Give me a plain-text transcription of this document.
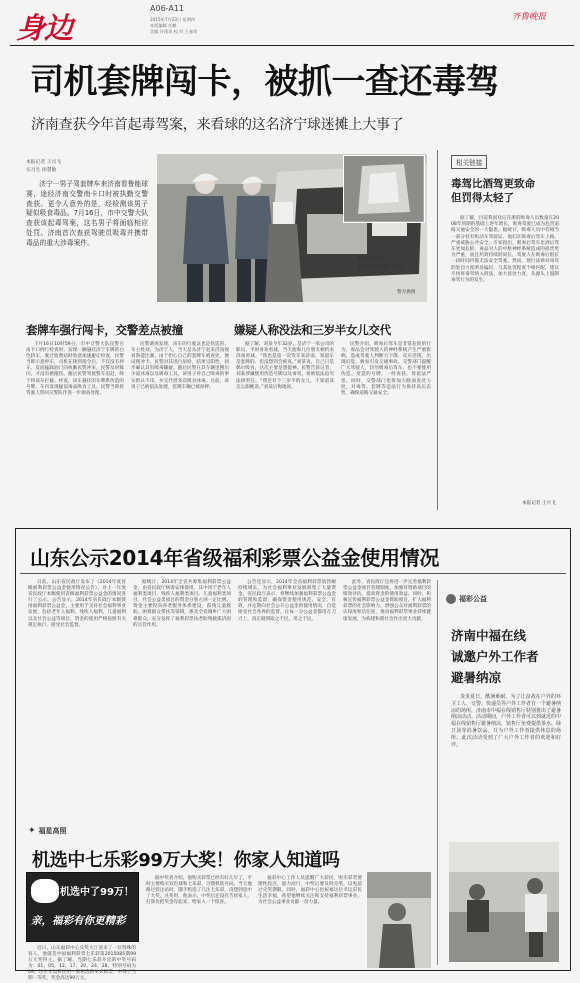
身边
A06-A11
2015年7月23日 星期四
本版编辑 任鹏
美编 许蓬英 校 对 王春荣
齐鲁晚报
司机套牌闯卡，被抓一查还毒驾
济南查获今年首起毒驾案，来看球的这名济宁球迷摊上大事了
本报记者 王兴飞
实习生 徐慧敏
济宁一男子驾套牌车来济南看鲁能球赛，途经济南交警南卡口时被执勤交警查获。更令人意外的是，经检测该男子疑似吸食毒品。7月16日，市中交警大队查获该起毒驾案，这名男子将面临相应处罚。济南首次查获驾驶员吸毒并携带毒品的重大涉毒案件。
▲查获的毒品。
◀民警揭穿嫌疑人搭肩。
警方供图
套牌车强行闯卡，交警差点被撞	嫌疑人称没法和三岁半女儿交代

7月16日10时59分，市中交警大队民警在南卡口例行检查时，发现一辆悬挂济宁车牌的白色轿车，驶过收费站时故意加速避让检查，民警当即示意停车，司机在接到指令后，不仅没有停车，反而猛踩油门向执勤民警冲来，民警及时躲闪，才没有被撞伤。随后民警驾驶警车追赶，终于将该车拦截。经查，该车悬挂的车牌系伪造的号牌，车内发现疑似毒品吸食工具。民警当即将驾驶人带回交警队作进一步调查处理。

民警调查发现，该车的行驶证也是伪造的，车主姓刘，为济宁人，当天是从济宁赶来济南观看鲁能比赛。由于担心自己的套牌车被查处，便试图冲卡。民警对其进行尿检，结果呈阳性，初步确认其有吸毒嫌疑。随后民警在其车辆里搜出少量冰毒以及吸毒工具，该男子对自己吸毒的事实供认不讳，并交代曾多次吸食冰毒。目前，该男子已被依法处理，套牌车辆已被扣押。

据了解，刘某今年32岁，是济宁一家公司的职员，平时喜欢看球，当天他和几位朋友相约来济南看球。“我也是第一次驾车来济南，知道车是套牌的，但没想到会被查。”刘某说，自己只是偶尔吸食，这次主要是想提神。民警告诉记者，刘某涉嫌使用伪造号牌以及毒驾，将被依法追究法律责任。“我还有个三岁半的女儿，不知道该怎么跟她说。”刘某后悔地说。

民警介绍，吸毒后驾车是非常危险的行为，毒品会对驾驶人的神经系统产生严重影响，造成驾驶人判断力下降、反应迟钝、出现幻觉，极易引发交通事故。交警部门提醒广大驾驶人，切勿吸毒后驾车，也不要使用伪造、变造的号牌，一经查获，将依法严惩。同时，交警部门也将加大路面查处力度，对毒驾、套牌等违法行为保持高压态势，确保道路交通安全。

相关链接
毒驾比酒驾更致命
但罚得太轻了

据了解，目前我国登记在册的吸毒人员数量在2008年到期的基础上逐年增长，吸毒驾驶已成为危害道路交通安全的一大隐患。据统计，吸毒人员中有相当一部分持有机动车驾驶证，他们在吸毒后驾车上路，严重威胁公共安全。专家指出，吸毒后驾车比酒后驾车更加危险，毒品对人的中枢神经系统造成的损害更为严重，而且药效持续时间长，驾驶人在吸毒后很长一段时间内都无法安全驾驶。然而，现行法律对毒驾的处罚力度明显偏轻，与其危害程度不相匹配，建议尽快将毒驾纳入刑法，加大惩处力度，从源头上遏制毒驾行为的发生。

本报记者 王兴飞
山东公示2014年省级福利彩票公益金使用情况

日前，山东省民政厅发布了《2014年度省级福利彩票公益金使用情况公告》，对上一年度省民政厅本级使用省级福利彩票公益金的情况进行了公示。公告显示，2014年省民政厅本级使用福利彩票公益金，主要用于支持社会福利事业发展，包括老年人福利、残疾人福利、儿童福利以及社会公益等项目，资金的使用严格按照有关规定执行，接受社会监督。

据统计，2014年全省共筹集福利彩票公益金，由省民政厅统筹安排使用，其中用于老年人福利类项目、残疾人福利类项目、儿童福利类项目、社会公益类项目的资金分别占到一定比例。资金主要投向养老服务体系建设、孤残儿童救助、困难群众帮扶等领域，惠及全省城乡广大困难群众，充分发挥了福利彩票扶老助残救孤济困的宗旨作用。

公告还显示，2014年全省福利彩票销售额持续增长，为社会福利事业发展筹集了大量资金。省民政厅表示，将继续加强福利彩票公益金的管理和监督，确保资金使用规范、安全、有效，并定期向社会公开公益金的使用情况，自觉接受社会各界的监督，让每一分公益金都用在刀刃上，真正做到取之于民，用之于民。

此外，省民政厅还将进一步完善福利彩票公益金项目管理制度，加强对资助项目的绩效评估，提高资金的使用效益。同时，积极宣传福利彩票公益金资助项目，扩大福利彩票的社会影响力，增强公众对福利彩票的认知度和信任度，推动福利彩票事业持续健康发展，为构建和谐社会作出更大贡献。

福彩公益
济南中福在线
诚邀户外工作者
避暑纳凉

炎炎夏日，酷暑难耐。为了让奋战在户外的环卫工人、交警、快递员等户外工作者有一个避暑纳凉的场所，济南市中福在线销售厅特别推出了避暑纳凉活动。活动期间，户外工作者可以到就近的中福在线销售厅避暑纳凉，销售厅免费提供茶水、绿豆汤等消暑饮品，并为户外工作者提供休息的场所。此次活动受到了广大户外工作者的欢迎和好评。

✦ 福星高照
机选中七乐彩99万大奖！你家人知道吗
机选中了99万！
亲，福彩有你更精彩

近日，山东福彩中心兑奖大厅迎来了一位特殊的客人，他就是中国福利彩票七乐彩第2015085期99万大奖得主。据了解，当期七乐彩开出的中奖号码为：01、05、12、17、20、24、28，特别号码为09。这位幸运彩民用一张机选的单式彩票，中得了当期一等奖，奖金高达99万元。

据中奖者介绍，他购买彩票已经有好几年了，平时主要购买双色球和七乐彩，习惯机选号码。当天他路过投注站时，随手机选了几注七乐彩，没想到竟中了大奖。兑奖时，他表示，中奖后还没有告诉家人，打算先把奖金存起来，给家人一个惊喜。

福彩中心工作人员提醒广大彩民，购买彩票要理性投注，量力而行，中奖后要及时兑奖，以免超过兑奖期限。同时，福彩中心也祝福这位幸运彩民生活幸福，希望他继续关注和支持福利彩票事业，为社会公益事业贡献一份力量。
